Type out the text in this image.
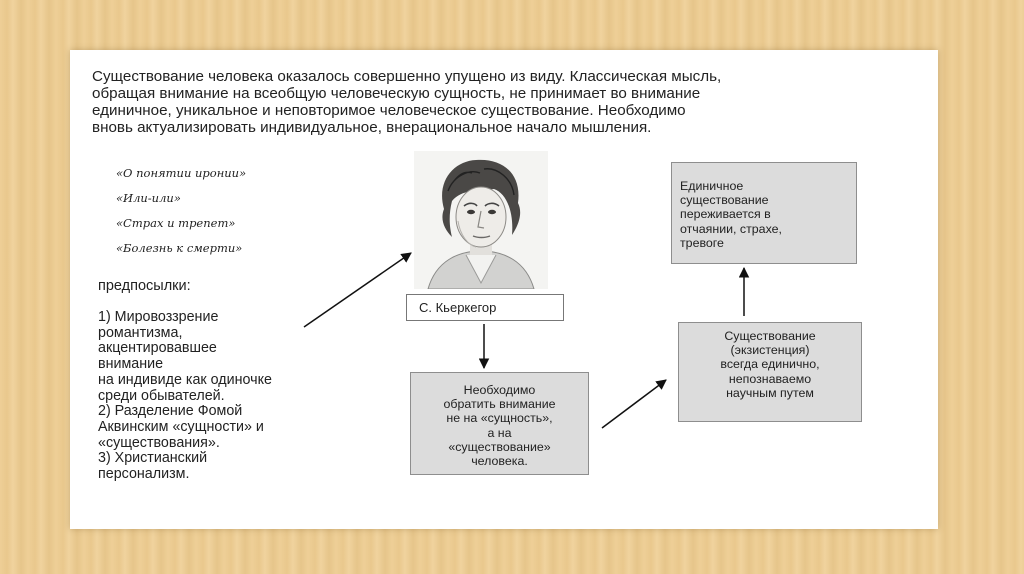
Существование человека оказалось совершенно упущено из виду. Классическая мысль,
обращая внимание на всеобщую человеческую сущность, не принимает во внимание
единичное, уникальное и неповторимое человеческое существование. Необходимо
вновь актуализировать индивидуальное, внерациональное начало мышления.
«О понятии иронии»
«Или-или»
«Страх и трепет»
«Болезнь к смерти»
предпосылки:
1) Мировоззрение
романтизма,
акцентировавшее
внимание
на индивиде как одиночке
среди обывателей.
2) Разделение Фомой
Аквинским «сущности» и
«существования».
3) Христианский
персонализм.
С. Кьеркегор
Необходимо
обратить внимание
не на «сущность»,
а на
«существование»
человека.
Единичное
существование
переживается в
отчаянии, страхе,
тревоге
Существование
(экзистенция)
всегда единично,
непознаваемо
научным путем
